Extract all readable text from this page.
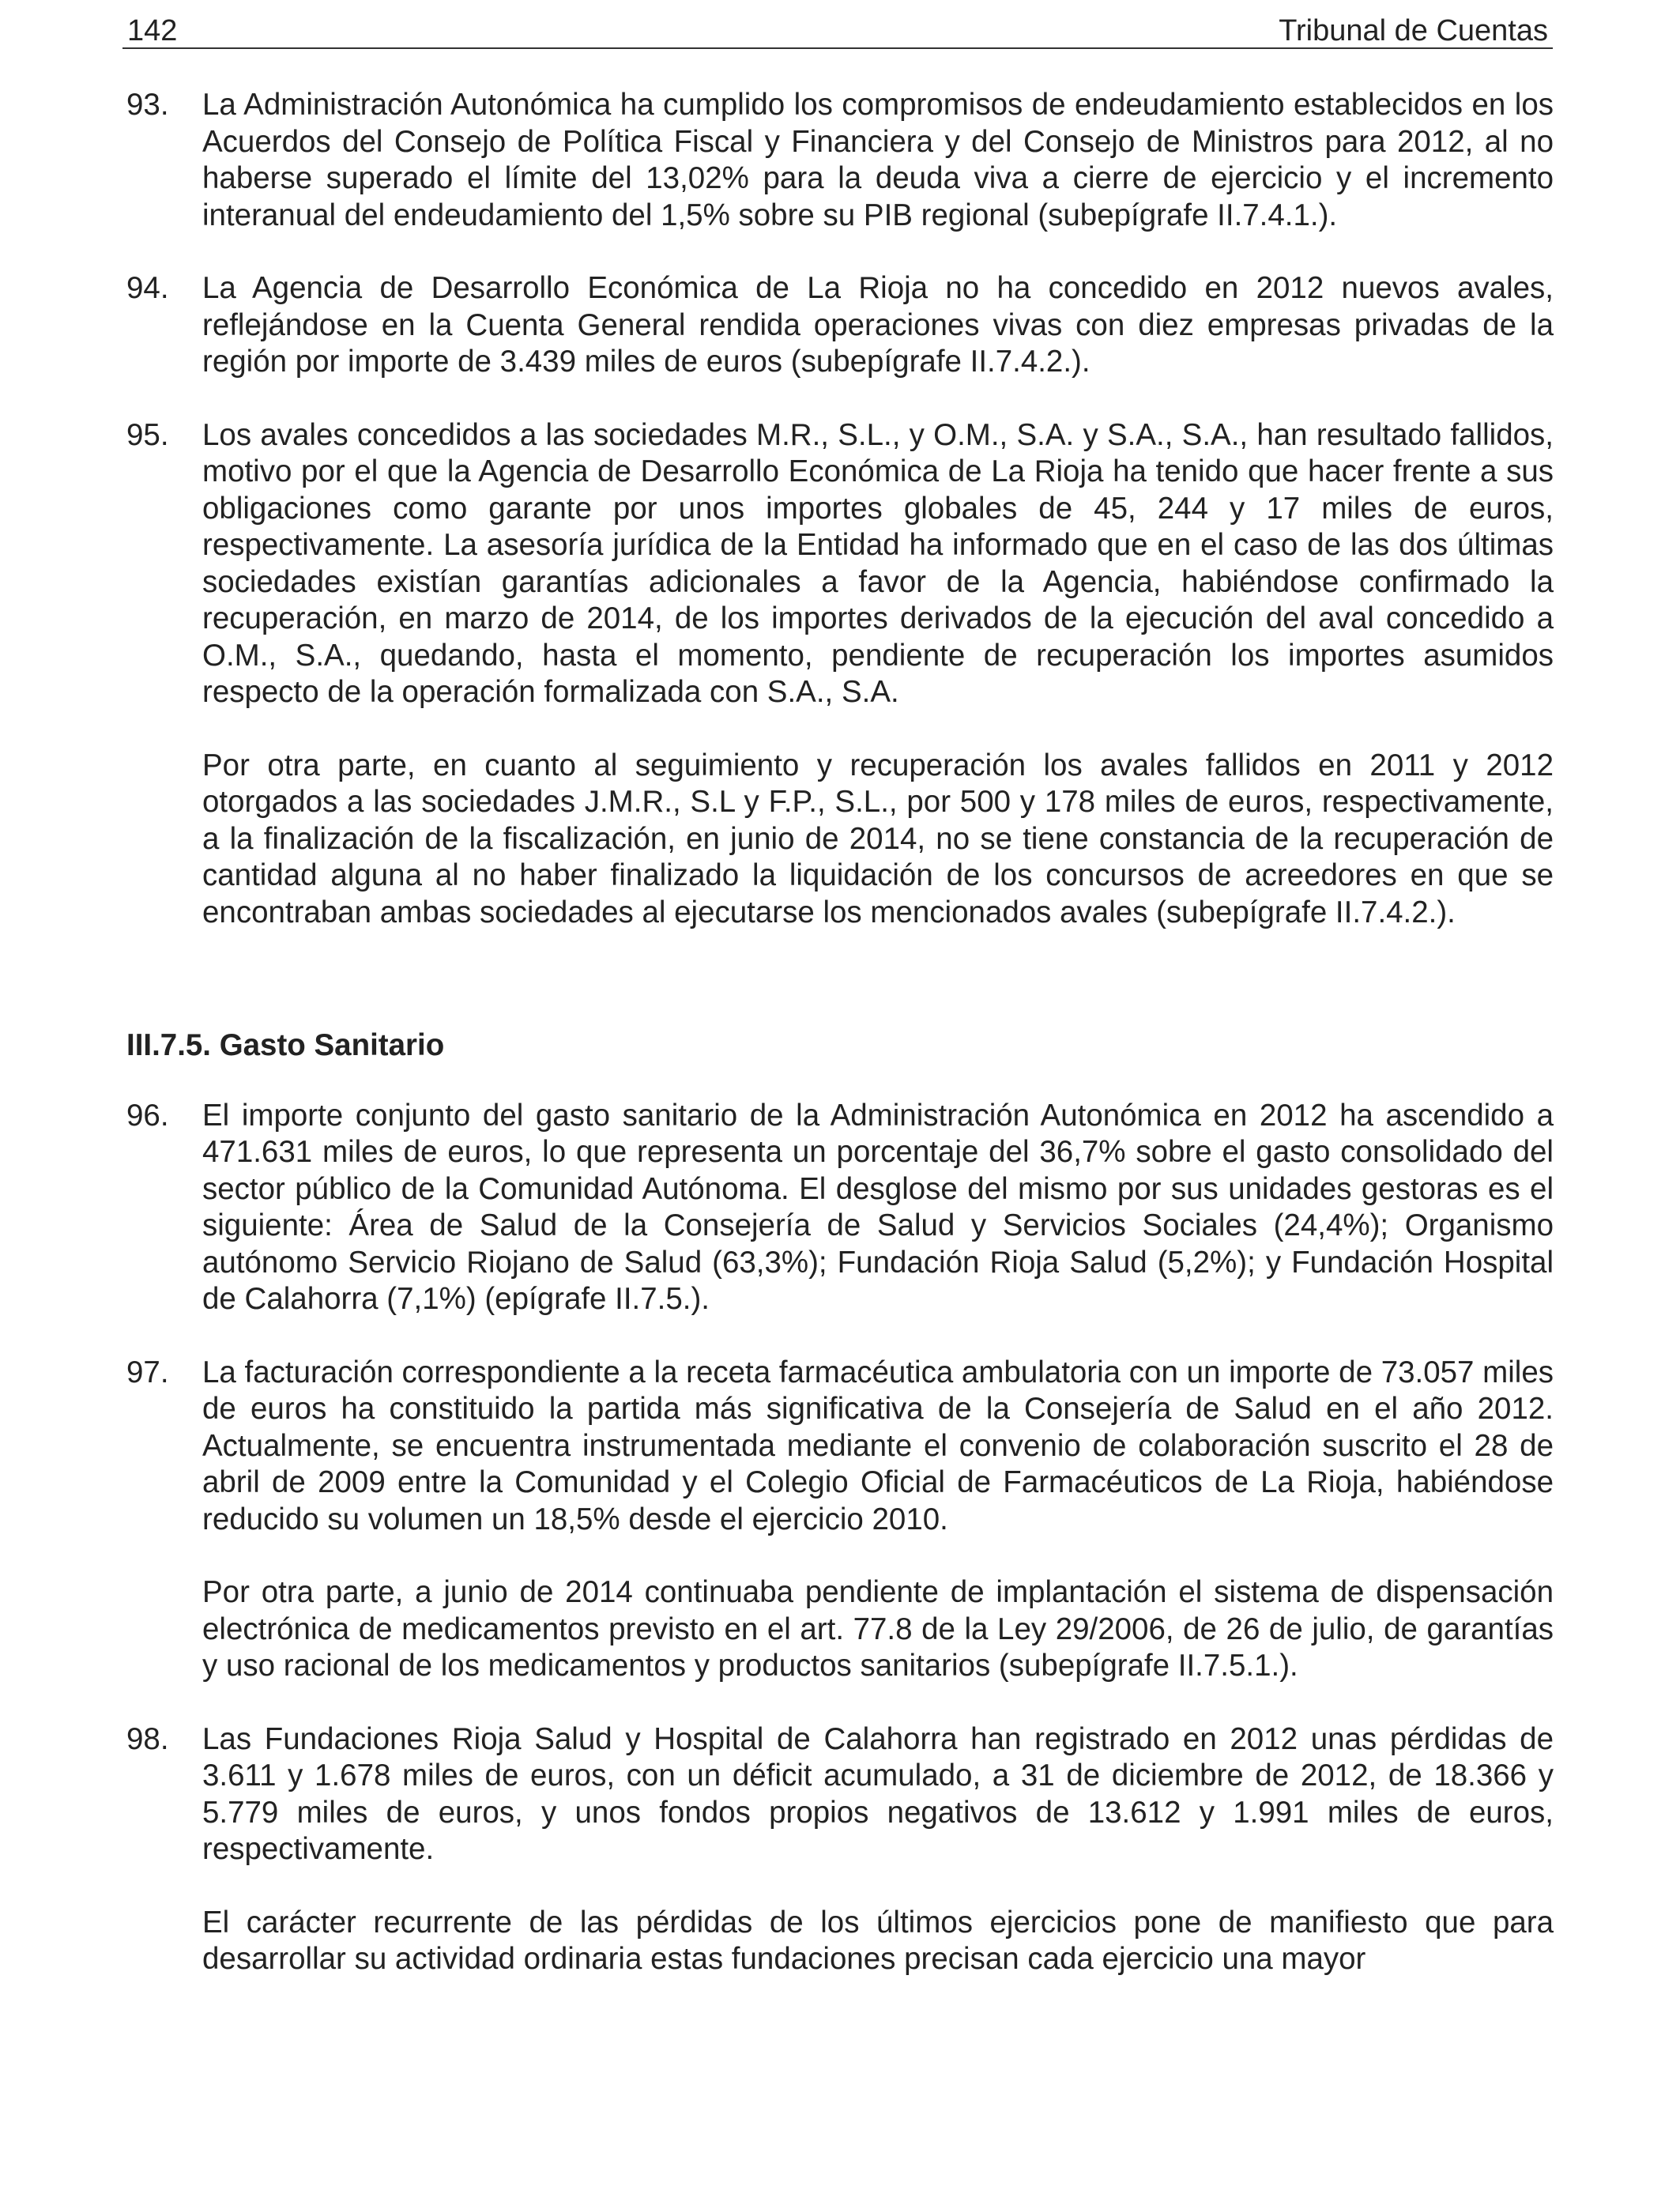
142	Tribunal de Cuentas
93.	La Administración Autonómica ha cumplido los compromisos de endeudamiento establecidos en los Acuerdos del Consejo de Política Fiscal y Financiera y del Consejo de Ministros para 2012, al no haberse superado el límite del 13,02% para la deuda viva a cierre de ejercicio y el incremento interanual del endeudamiento del 1,5% sobre su PIB regional (subepígrafe II.7.4.1.).

94.	La Agencia de Desarrollo Económica de La Rioja no ha concedido en 2012 nuevos avales, reflejándose en la Cuenta General rendida operaciones vivas con diez empresas privadas de la región por importe de 3.439 miles de euros (subepígrafe II.7.4.2.).

95.	Los avales concedidos a las sociedades M.R., S.L., y O.M., S.A. y S.A., S.A., han resultado fallidos, motivo por el que la Agencia de Desarrollo Económica de La Rioja ha tenido que hacer frente a sus obligaciones como garante por unos importes globales de 45, 244 y 17 miles de euros, respectivamente. La asesoría jurídica de la Entidad ha informado que en el caso de las dos últimas sociedades existían garantías adicionales a favor de la Agencia, habiéndose confirmado la recuperación, en marzo de 2014, de los importes derivados de la ejecución del aval concedido a O.M., S.A., quedando, hasta el momento, pendiente de recuperación los importes asumidos respecto de la operación formalizada con S.A., S.A.

Por otra parte, en cuanto al seguimiento y recuperación los avales fallidos en 2011 y 2012 otorgados a las sociedades J.M.R., S.L y F.P., S.L., por 500 y 178 miles de euros, respectivamente, a la finalización de la fiscalización, en junio de 2014, no se tiene constancia de la recuperación de cantidad alguna al no haber finalizado la liquidación de los concursos de acreedores en que se encontraban ambas sociedades al ejecutarse los mencionados avales (subepígrafe II.7.4.2.).

III.7.5. Gasto Sanitario
96.	El importe conjunto del gasto sanitario de la Administración Autonómica en 2012 ha ascendido a 471.631 miles de euros, lo que representa un porcentaje del 36,7% sobre el gasto consolidado del sector público de la Comunidad Autónoma. El desglose del mismo por sus unidades gestoras es el siguiente: Área de Salud de la Consejería de Salud y Servicios Sociales (24,4%); Organismo autónomo Servicio Riojano de Salud (63,3%); Fundación Rioja Salud (5,2%); y Fundación Hospital de Calahorra (7,1%) (epígrafe II.7.5.).

97.	La facturación correspondiente a la receta farmacéutica ambulatoria con un importe de 73.057 miles de euros ha constituido la partida más significativa de la Consejería de Salud en el año 2012. Actualmente, se encuentra instrumentada mediante el convenio de colaboración suscrito el 28 de abril de 2009 entre la Comunidad y el Colegio Oficial de Farmacéuticos de La Rioja, habiéndose reducido su volumen un 18,5% desde el ejercicio 2010.

Por otra parte, a junio de 2014 continuaba pendiente de implantación el sistema de dispensación electrónica de medicamentos previsto en el art. 77.8 de la Ley 29/2006, de 26 de julio, de garantías y uso racional de los medicamentos y productos sanitarios (subepígrafe II.7.5.1.).

98.	Las Fundaciones Rioja Salud y Hospital de Calahorra han registrado en 2012 unas pérdidas de 3.611 y 1.678 miles de euros, con un déficit acumulado, a 31 de diciembre de 2012, de 18.366 y 5.779 miles de euros, y unos fondos propios negativos de 13.612 y 1.991 miles de euros, respectivamente.

El carácter recurrente de las pérdidas de los últimos ejercicios pone de manifiesto que para desarrollar su actividad ordinaria estas fundaciones precisan cada ejercicio una mayor
